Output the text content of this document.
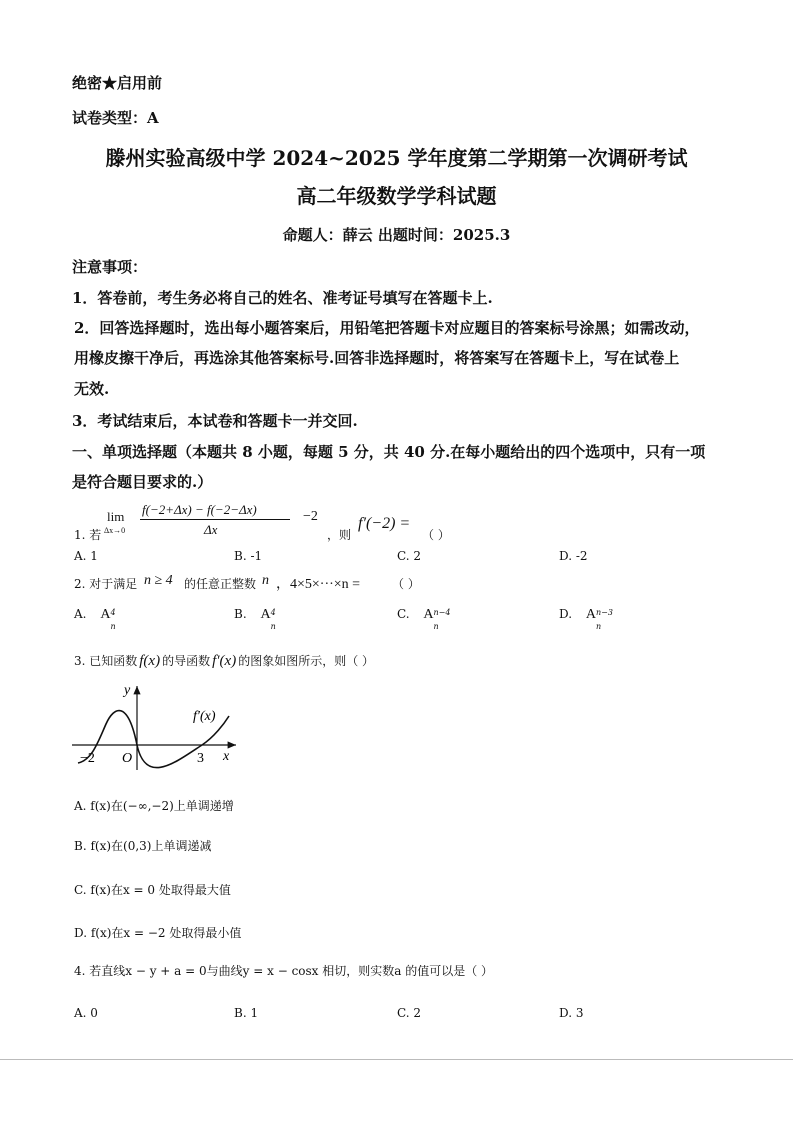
绝密★启用前
试卷类型：A
滕州实验高级中学 2024~2025 学年度第二学期第一次调研考试
高二年级数学学科试题
命题人：薛云 出题时间：2025.3
注意事项：
1．答卷前，考生务必将自己的姓名、准考证号填写在答题卡上.
2．回答选择题时，选出每小题答案后，用铅笔把答题卡对应题目的答案标号涂黑；如需改动，
用橡皮擦干净后，再选涂其他答案标号.回答非选择题时，将答案写在答题卡上，写在试卷上
无效.
3．考试结束后，本试卷和答题卡一并交回.
一、单项选择题（本题共 8 小题，每题 5 分，共 40 分.在每小题给出的四个选项中，只有一项
是符合题目要求的.）
1. 若
lim
Δx→0
f(−2+Δx) − f(−2−Δx)
Δx
−2
，则
f′(−2) =
（ ）
A. 1	B. -1	C. 2	D. -2
2. 对于满足 n ≥ 4 的任意正整数 n ，4×5×···×n =	（ ）
A. A 4
n
B. A 4
n
C. A n−4
n
D. A n−3
n
3. 已知函数 f(x) 的导函数 f′(x) 的图象如图所示，则（ ）
y
x
O
−2	3
f′(x)
A. f(x)在(−∞,−2)上单调递增
B. f(x)在(0,3)上单调递减
C. f(x)在x = 0 处取得最大值
D. f(x)在x = −2 处取得最小值
4. 若直线x − y + a = 0与曲线y = x − cosx 相切，则实数a 的值可以是（ ）
A. 0	B. 1	C. 2	D. 3
